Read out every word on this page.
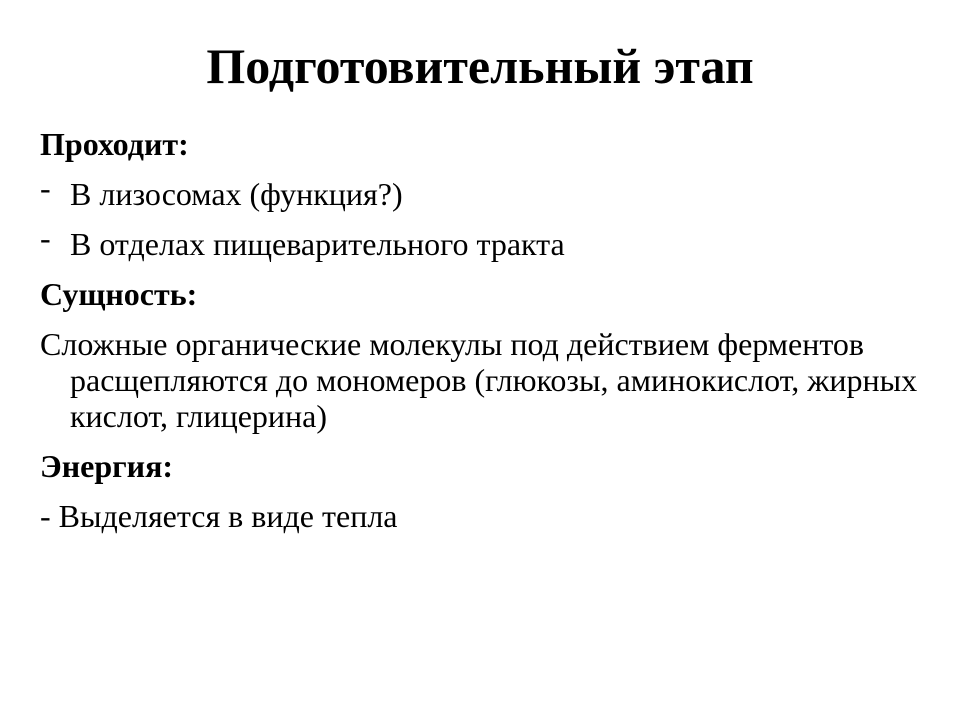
Подготовительный этап
Проходит:
- В лизосомах (функция?)
- В отделах пищеварительного тракта
Сущность:

Сложные органические молекулы под действием ферментов расщепляются до мономеров (глюкозы, аминокислот, жирных кислот, глицерина)

Энергия:

- Выделяется в виде тепла
